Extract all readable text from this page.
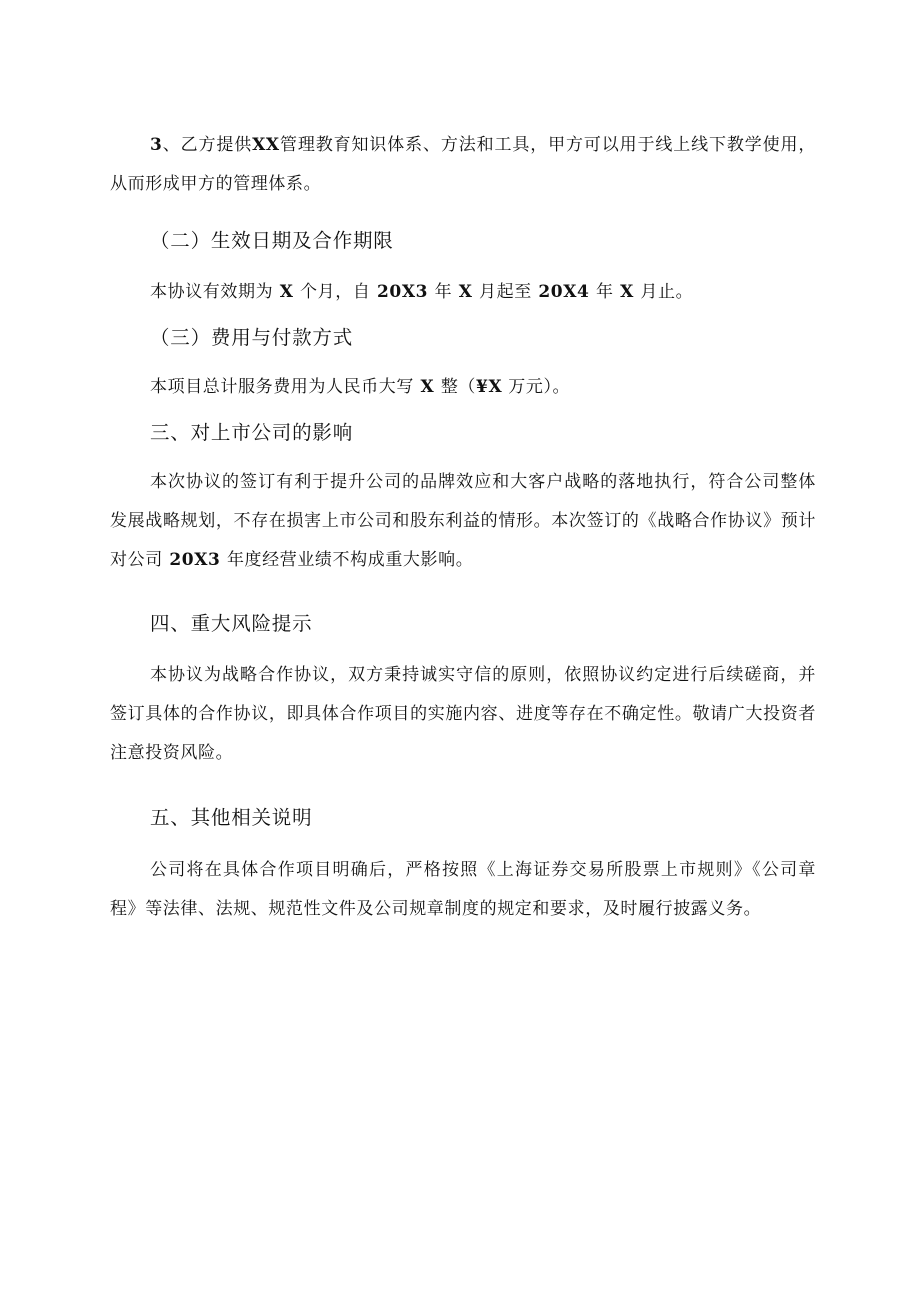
3、乙方提供XX管理教育知识体系、方法和工具，甲方可以用于线上线下教学使用，从而形成甲方的管理体系。

（二）生效日期及合作期限

本协议有效期为 X 个月，自 20X3 年 X 月起至 20X4 年 X 月止。

（三）费用与付款方式

本项目总计服务费用为人民币大写 X 整（¥X 万元）。

三、对上市公司的影响

本次协议的签订有利于提升公司的品牌效应和大客户战略的落地执行，符合公司整体发展战略规划，不存在损害上市公司和股东利益的情形。本次签订的《战略合作协议》预计对公司 20X3 年度经营业绩不构成重大影响。

四、重大风险提示

本协议为战略合作协议，双方秉持诚实守信的原则，依照协议约定进行后续磋商，并签订具体的合作协议，即具体合作项目的实施内容、进度等存在不确定性。敬请广大投资者注意投资风险。

五、其他相关说明

公司将在具体合作项目明确后，严格按照《上海证券交易所股票上市规则》《公司章程》等法律、法规、规范性文件及公司规章制度的规定和要求，及时履行披露义务。
